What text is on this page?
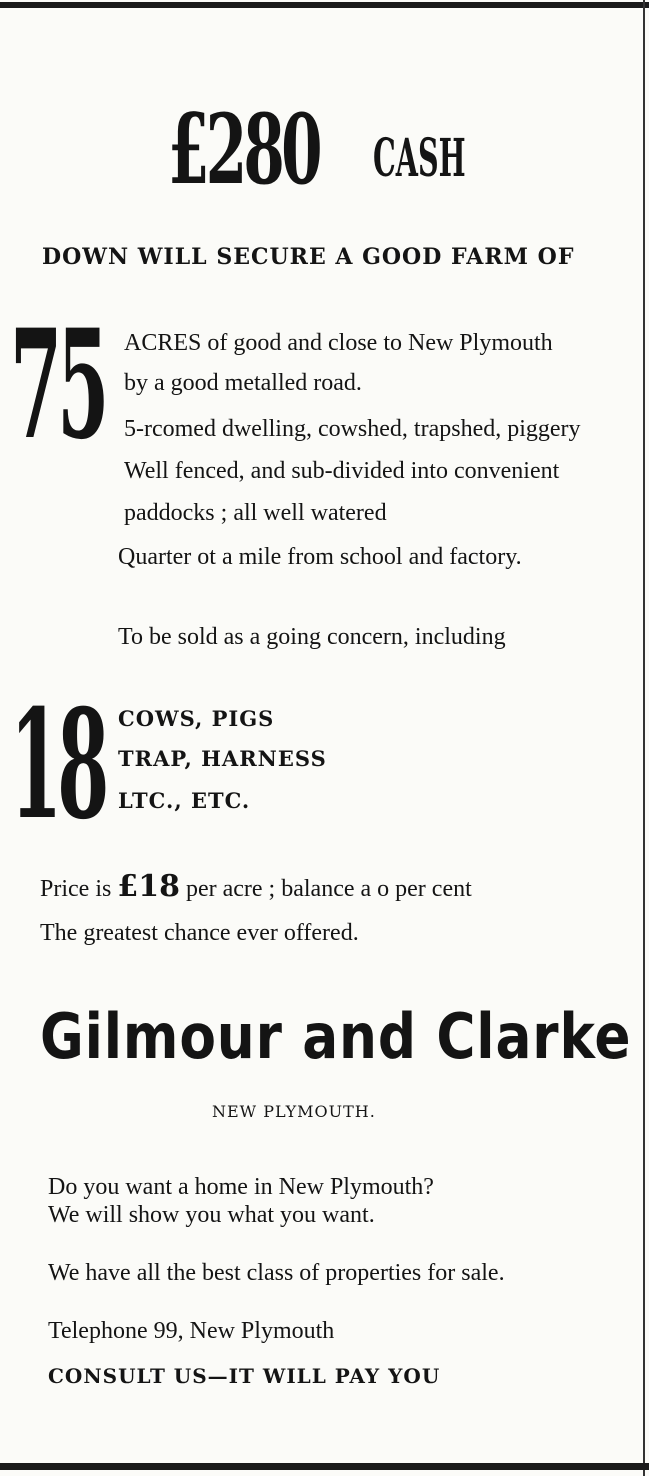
£280 CASH
DOWN WILL SECURE A GOOD FARM OF
75 ACRES of good and close to New Plymouth
by a good metalled road.
5-rcomed dwelling, cowshed, trapshed, piggery
Well fenced, and sub-divided into convenient
paddocks ; all well watered
Quarter ot a mile from school and factory.
To be sold as a going concern, including
18 COWS, PIGS
TRAP, HARNESS
LTC., ETC.
Price is £18 per acre ; balance a o per cent
The greatest chance ever offered.
Gilmour and Clarke
NEW PLYMOUTH.
Do you want a home in New Plymouth?
We will show you what you want.
We have all the best class of properties for sale.
Telephone 99, New Plymouth
CONSULT US—IT WILL PAY YOU
